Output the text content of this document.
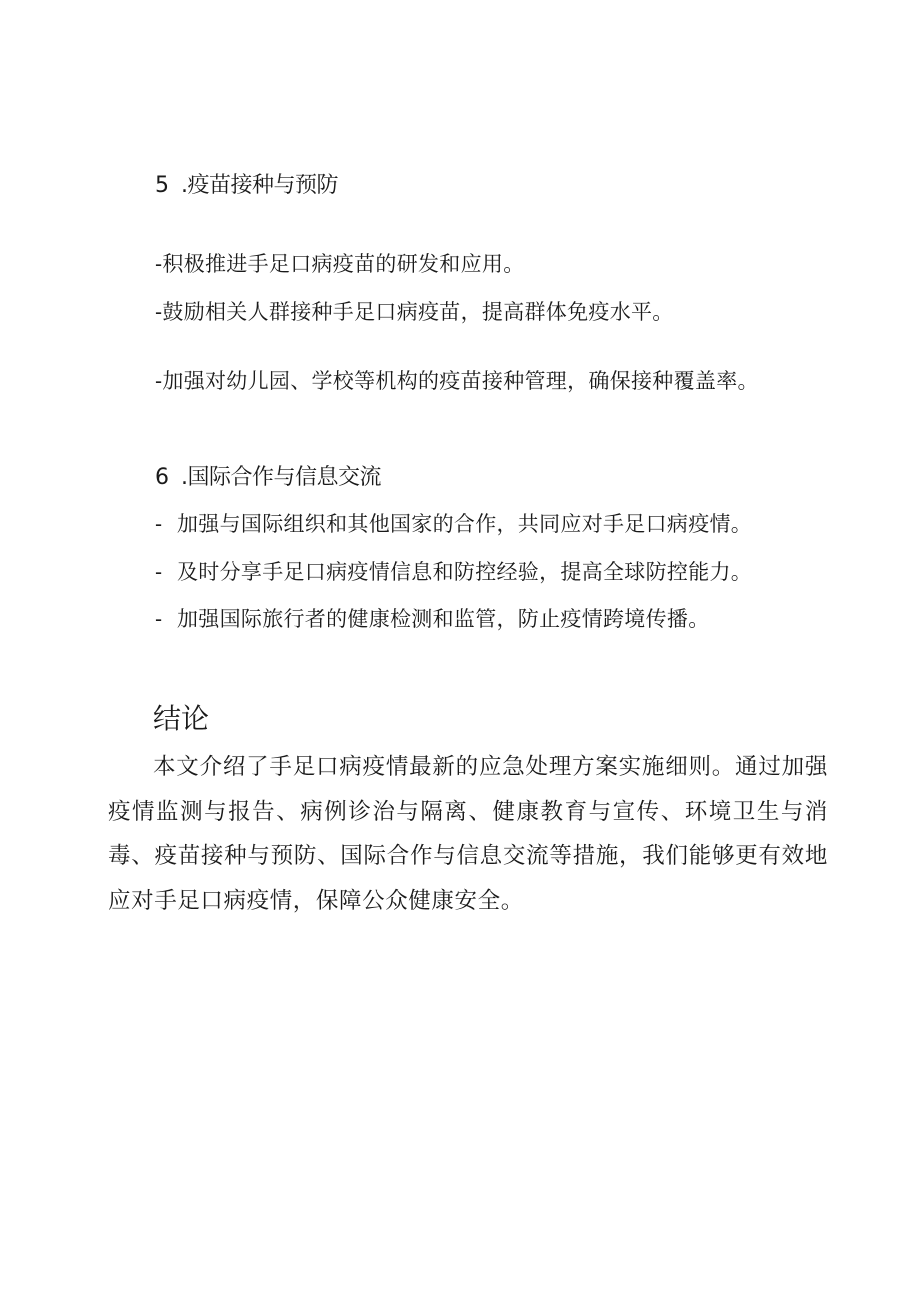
5 .疫苗接种与预防
-积极推进手足口病疫苗的研发和应用。
-鼓励相关人群接种手足口病疫苗，提高群体免疫水平。
-加强对幼儿园、学校等机构的疫苗接种管理，确保接种覆盖率。
6 .国际合作与信息交流
- 加强与国际组织和其他国家的合作，共同应对手足口病疫情。
- 及时分享手足口病疫情信息和防控经验，提高全球防控能力。
- 加强国际旅行者的健康检测和监管，防止疫情跨境传播。
结论

本文介绍了手足口病疫情最新的应急处理方案实施细则。通过加强疫情监测与报告、病例诊治与隔离、健康教育与宣传、环境卫生与消毒、疫苗接种与预防、国际合作与信息交流等措施，我们能够更有效地应对手足口病疫情，保障公众健康安全。
